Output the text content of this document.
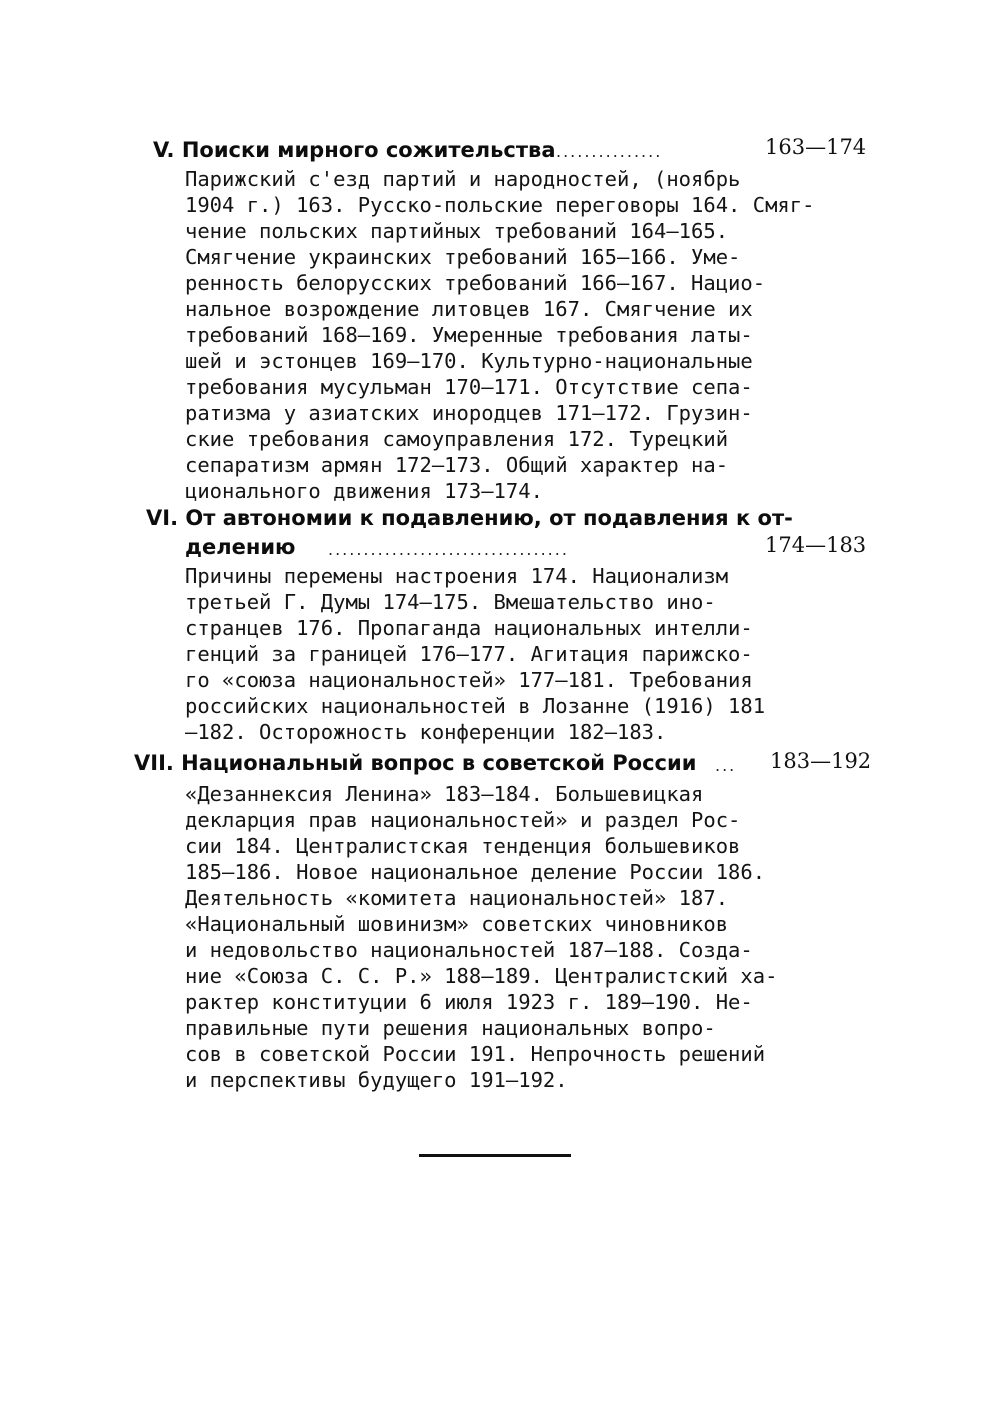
V. Поиски мирного сожительства ...............	163—174
Парижский с'езд партий и народностей, (ноябрь
1904 г.) 163. Русско-польские переговоры 164. Смяг-
чение польских партийных требований 164—165.
Смягчение украинских требований 165—166. Уме-
ренность белорусских требований 166—167. Нацио-
нальное возрождение литовцев 167. Смягчение их
требований 168—169. Умеренные требования латы-
шей и эстонцев 169—170. Культурно-национальные
требования мусульман 170—171. Отсутствие сепа-
ратизма у азиатских инородцев 171—172. Грузин-
ские требования самоуправления 172. Турецкий
сепаратизм армян 172—173. Общий характер на-
ционального движения 173—174.
VI. От автономии к подавлению, от подавления к от-
делению ..................................	174—183
Причины перемены настроения 174. Национализм
третьей Г. Думы 174—175. Вмешательство ино-
странцев 176. Пропаганда национальных интелли-
генций за границей 176—177. Агитация парижско-
го «союза национальностей» 177—181. Требования
российских национальностей в Лозанне (1916) 181
—182. Осторожность конференции 182—183.
VII. Национальный вопрос в советской России ...	183—192
«Дезаннексия Ленина» 183—184. Большевицкая
декларция прав национальностей» и раздел Рос-
сии 184. Централистская тенденция большевиков
185—186. Новое национальное деление России 186.
Деятельность «комитета национальностей» 187.
«Национальный шовинизм» советских чиновников
и недовольство национальностей 187—188. Созда-
ние «Союза С. С. Р.» 188—189. Централистский ха-
рактер конституции 6 июля 1923 г. 189—190. Не-
правильные пути решения национальных вопро-
сов в советской России 191. Непрочность решений
и перспективы будущего 191—192.
